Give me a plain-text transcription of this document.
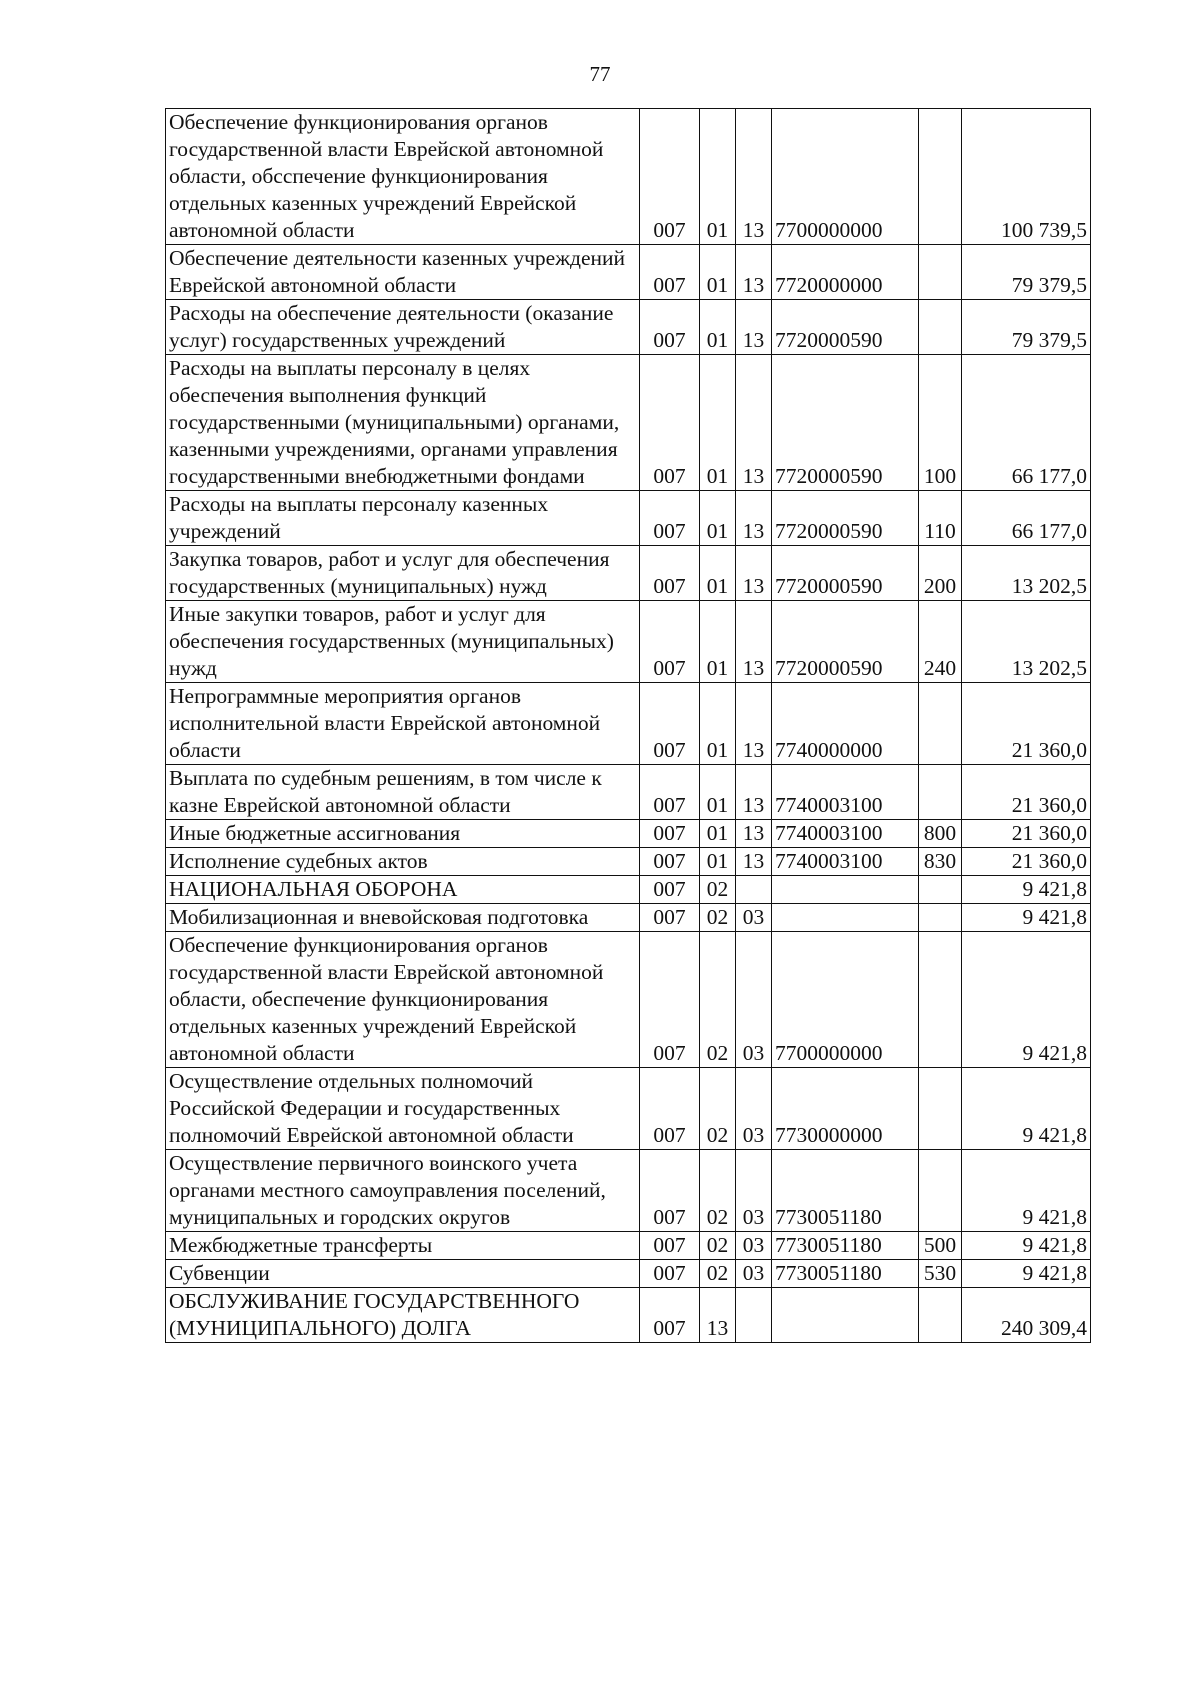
77
Обеспечение функционирования органов государственной власти Еврейской автономной области, обсспечение функционирования отдельных казенных учреждений Еврейской автономной области	007	01	13	7700000000		100 739,5
Обеспечение деятельности казенных учреждений Еврейской автономной области	007	01	13	7720000000		79 379,5
Расходы на обеспечение деятельности (оказание услуг) государственных учреждений	007	01	13	7720000590		79 379,5
Расходы на выплаты персоналу в целях обеспечения выполнения функций государственными (муниципальными) органами, казенными учреждениями, органами управления государственными внебюджетными фондами	007	01	13	7720000590	100	66 177,0
Расходы на выплаты персоналу казенных учреждений	007	01	13	7720000590	110	66 177,0
Закупка товаров, работ и услуг для обеспечения государственных (муниципальных) нужд	007	01	13	7720000590	200	13 202,5
Иные закупки товаров, работ и услуг для обеспечения государственных (муниципальных) нужд	007	01	13	7720000590	240	13 202,5
Непрограммные мероприятия органов исполнительной власти Еврейской автономной области	007	01	13	7740000000		21 360,0
Выплата по судебным решениям, в том числе к казне Еврейской автономной области	007	01	13	7740003100		21 360,0
Иные бюджетные ассигнования	007	01	13	7740003100	800	21 360,0
Исполнение судебных актов	007	01	13	7740003100	830	21 360,0
НАЦИОНАЛЬНАЯ ОБОРОНА	007	02				9 421,8
Мобилизационная и вневойсковая подготовка	007	02	03			9 421,8
Обеспечение функционирования органов государственной власти Еврейской автономной области, обеспечение функционирования отдельных казенных учреждений Еврейской автономной области	007	02	03	7700000000		9 421,8
Осуществление отдельных полномочий Российской Федерации и государственных полномочий Еврейской автономной области	007	02	03	7730000000		9 421,8
Осуществление первичного воинского учета органами местного самоуправления поселений, муниципальных и городских округов	007	02	03	7730051180		9 421,8
Межбюджетные трансферты	007	02	03	7730051180	500	9 421,8
Субвенции	007	02	03	7730051180	530	9 421,8
ОБСЛУЖИВАНИЕ ГОСУДАРСТВЕННОГО (МУНИЦИПАЛЬНОГО) ДОЛГА	007	13				240 309,4
